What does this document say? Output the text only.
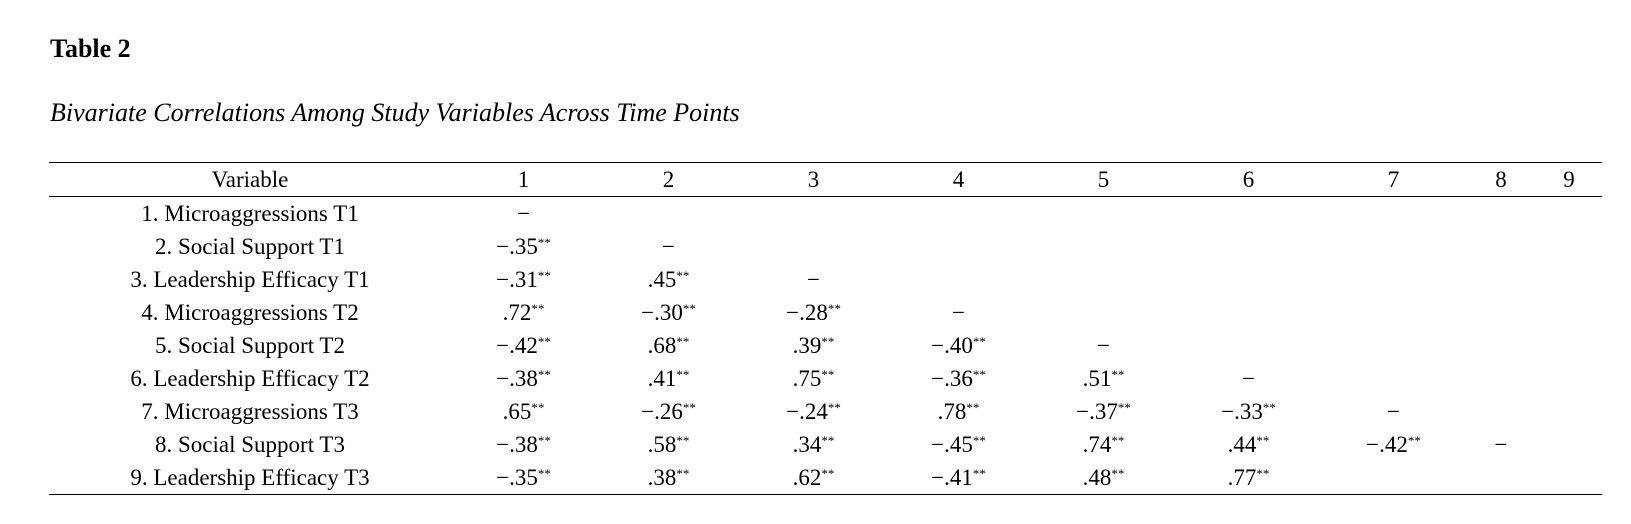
Table 2
Bivariate Correlations Among Study Variables Across Time Points
Variable	1	2	3	4	5	6	7	8	9
1. Microaggressions T1	−								
2. Social Support T1	−.35**	−							
3. Leadership Efficacy T1	−.31**	.45**	−						
4. Microaggressions T2	.72**	−.30**	−.28**	−					
5. Social Support T2	−.42**	.68**	.39**	−.40**	−				
6. Leadership Efficacy T2	−.38**	.41**	.75**	−.36**	.51**	−			
7. Microaggressions T3	.65**	−.26**	−.24**	.78**	−.37**	−.33**	−		
8. Social Support T3	−.38**	.58**	.34**	−.45**	.74**	.44**	−.42**	−	
9. Leadership Efficacy T3	−.35**	.38**	.62**	−.41**	.48**	.77**			
